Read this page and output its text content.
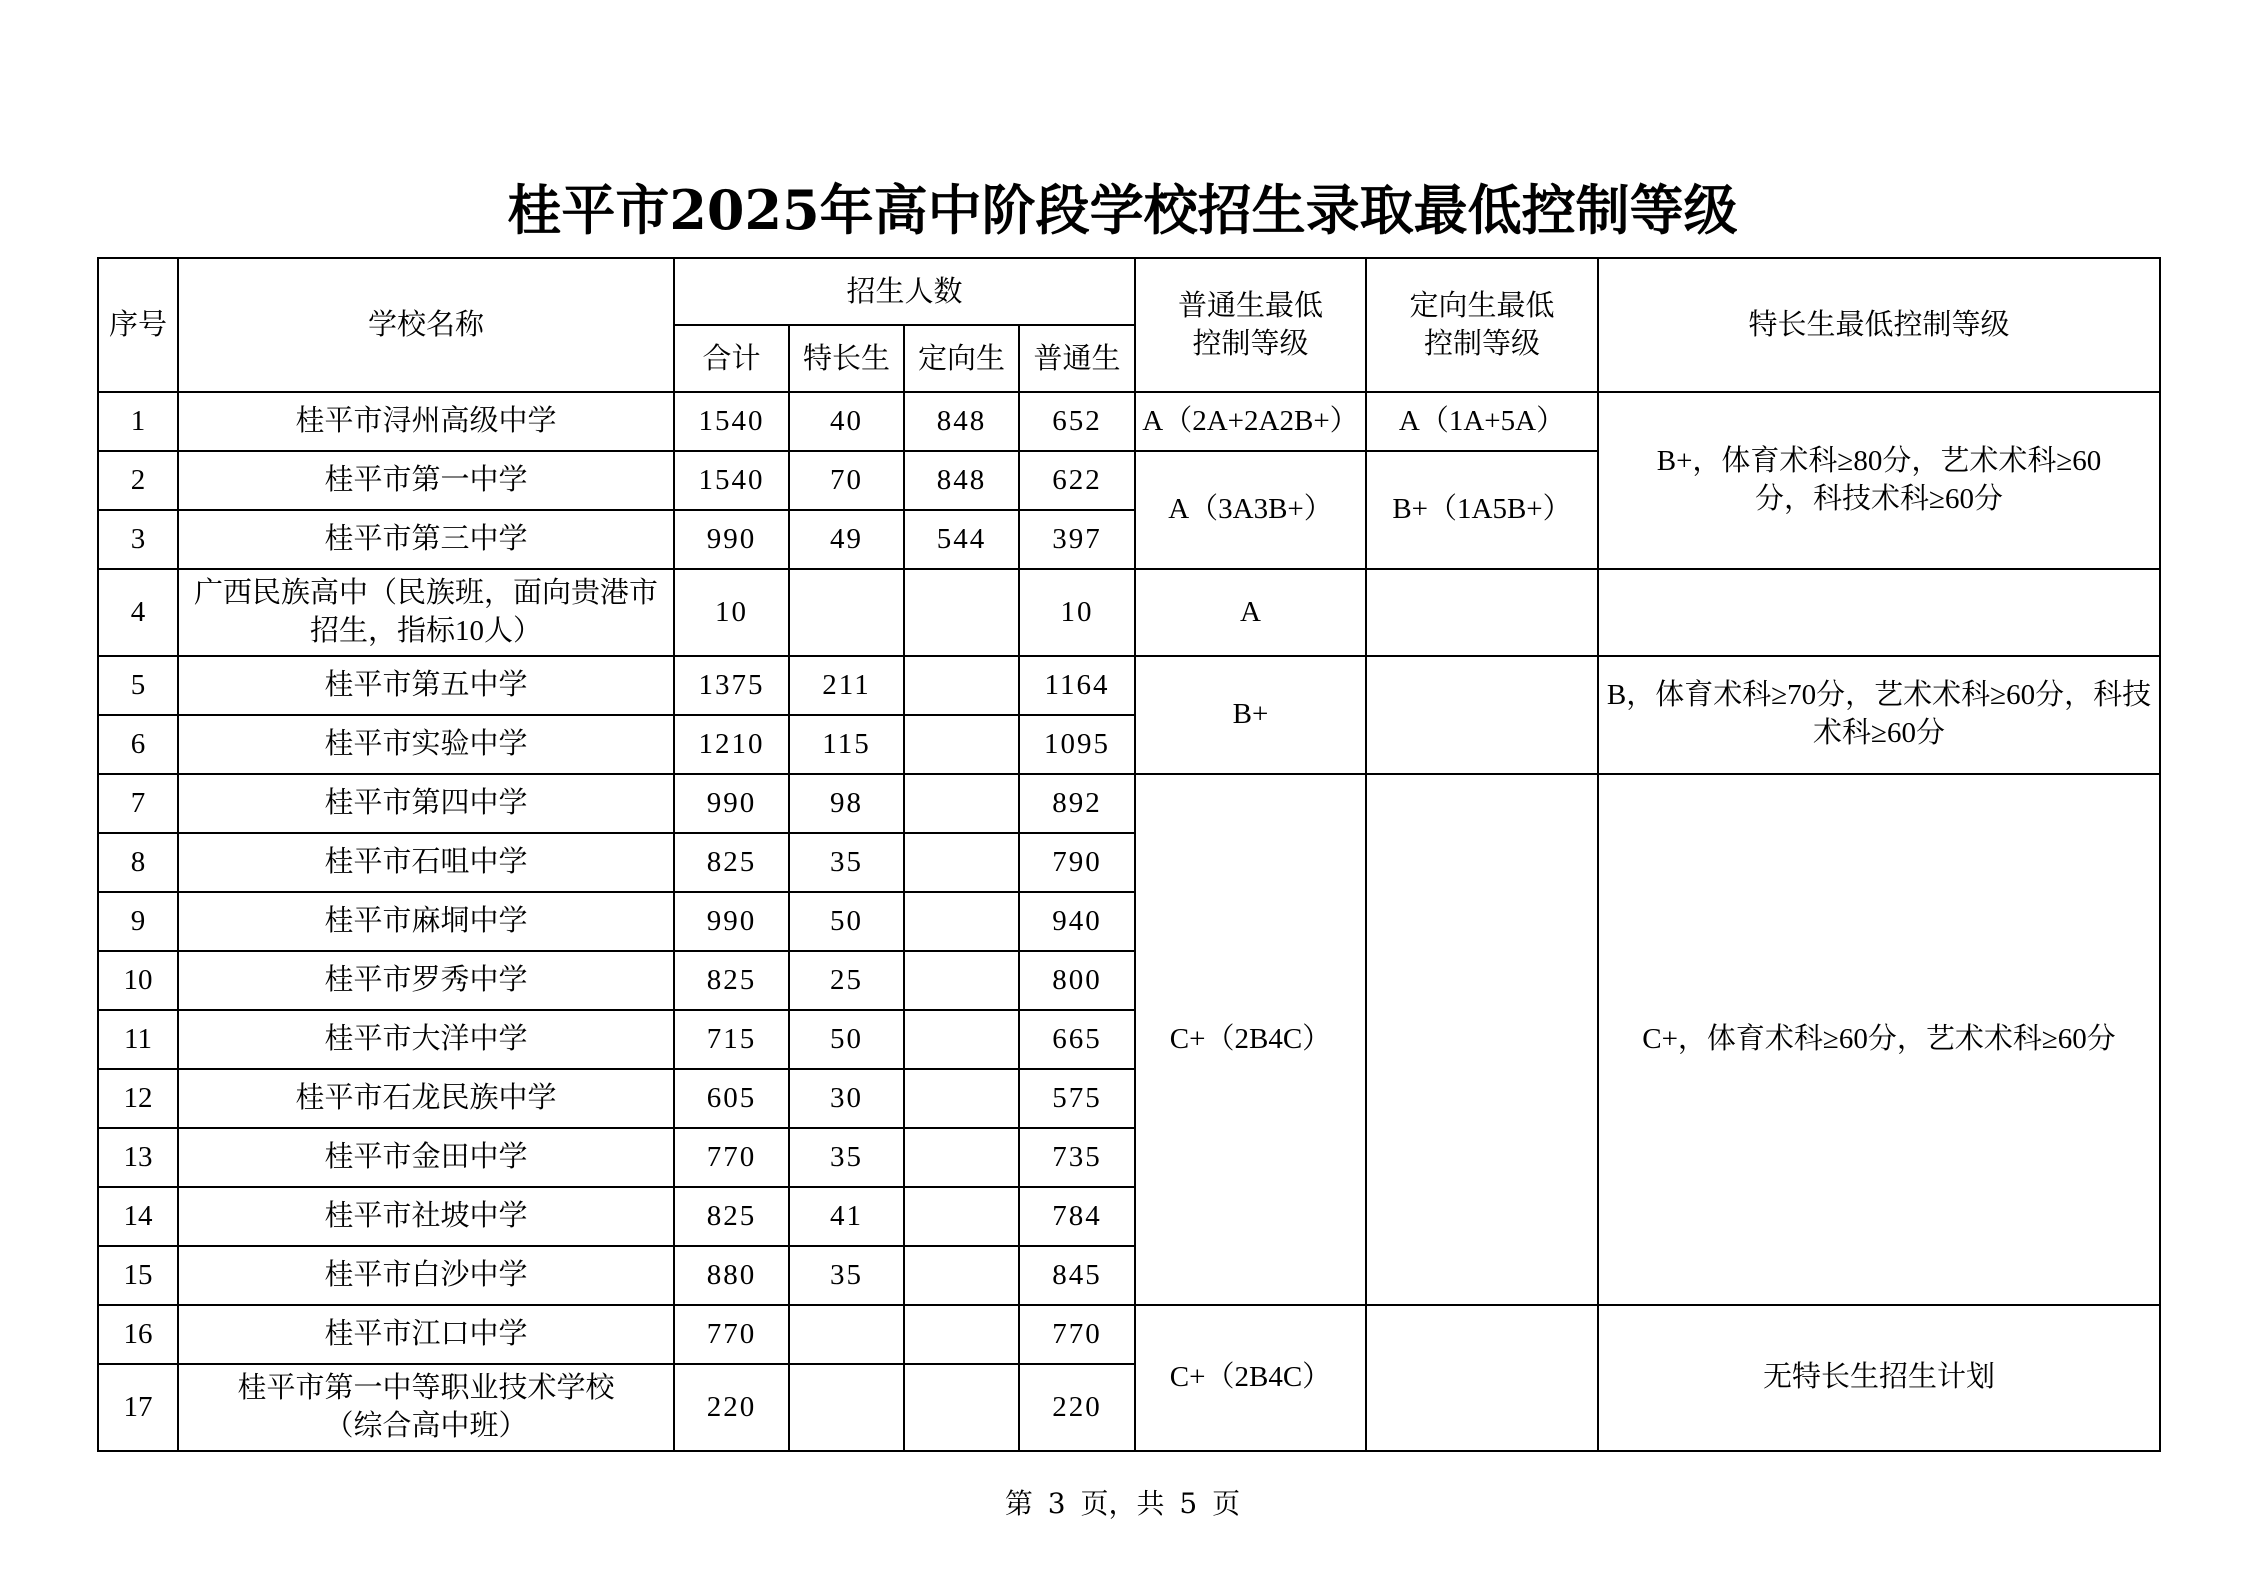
桂平市2025年高中阶段学校招生录取最低控制等级
序号	学校名称	招生人数				普通生最低控制等级	定向生最低控制等级	特长生最低控制等级
		合计	特长生	定向生	普通生			
1	桂平市浔州高级中学	1540	40	848	652	A（2A+2A2B+）	A（1A+5A）	B+，体育术科≥80分，艺术术科≥60分，科技术科≥60分
2	桂平市第一中学	1540	70	848	622	A（3A3B+）	B+（1A5B+）	
3	桂平市第三中学	990	49	544	397			
4	广西民族高中（民族班，面向贵港市招生，指标10人）	10			10	A		
5	桂平市第五中学	1375	211		1164	B+		B，体育术科≥70分，艺术术科≥60分，科技术科≥60分
6	桂平市实验中学	1210	115		1095			
7	桂平市第四中学	990	98		892	C+（2B4C）		C+，体育术科≥60分，艺术术科≥60分
8	桂平市石咀中学	825	35		790			
9	桂平市麻垌中学	990	50		940			
10	桂平市罗秀中学	825	25		800			
11	桂平市大洋中学	715	50		665			
12	桂平市石龙民族中学	605	30		575			
13	桂平市金田中学	770	35		735			
14	桂平市社坡中学	825	41		784			
15	桂平市白沙中学	880	35		845			
16	桂平市江口中学	770			770	C+（2B4C）		无特长生招生计划
17	桂平市第一中等职业技术学校（综合高中班）	220			220			
第 3 页，共 5 页
